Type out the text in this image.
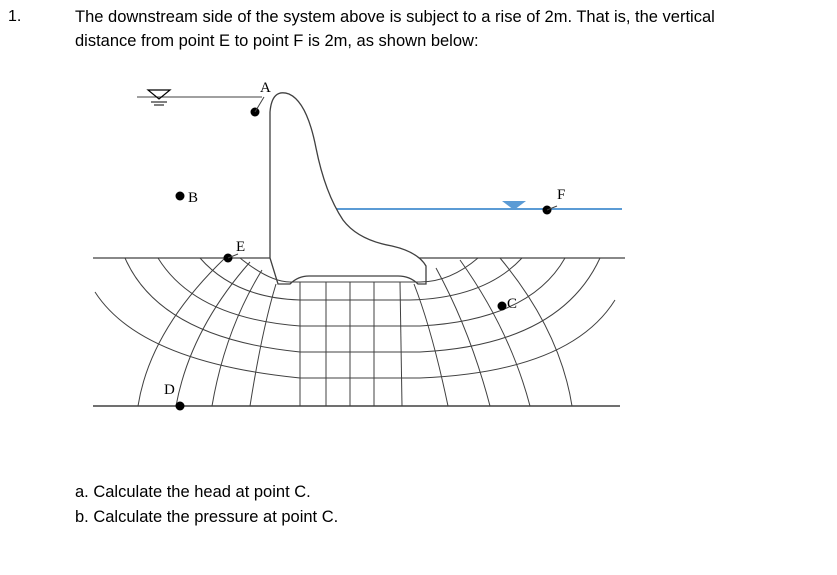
1.	The downstream side of the system above is subject to a rise of 2m. That is, the vertical
distance from point E to point F is 2m, as shown below:
A
B
E
F
C
D
a. Calculate the head at point C.
b. Calculate the pressure at point C.
